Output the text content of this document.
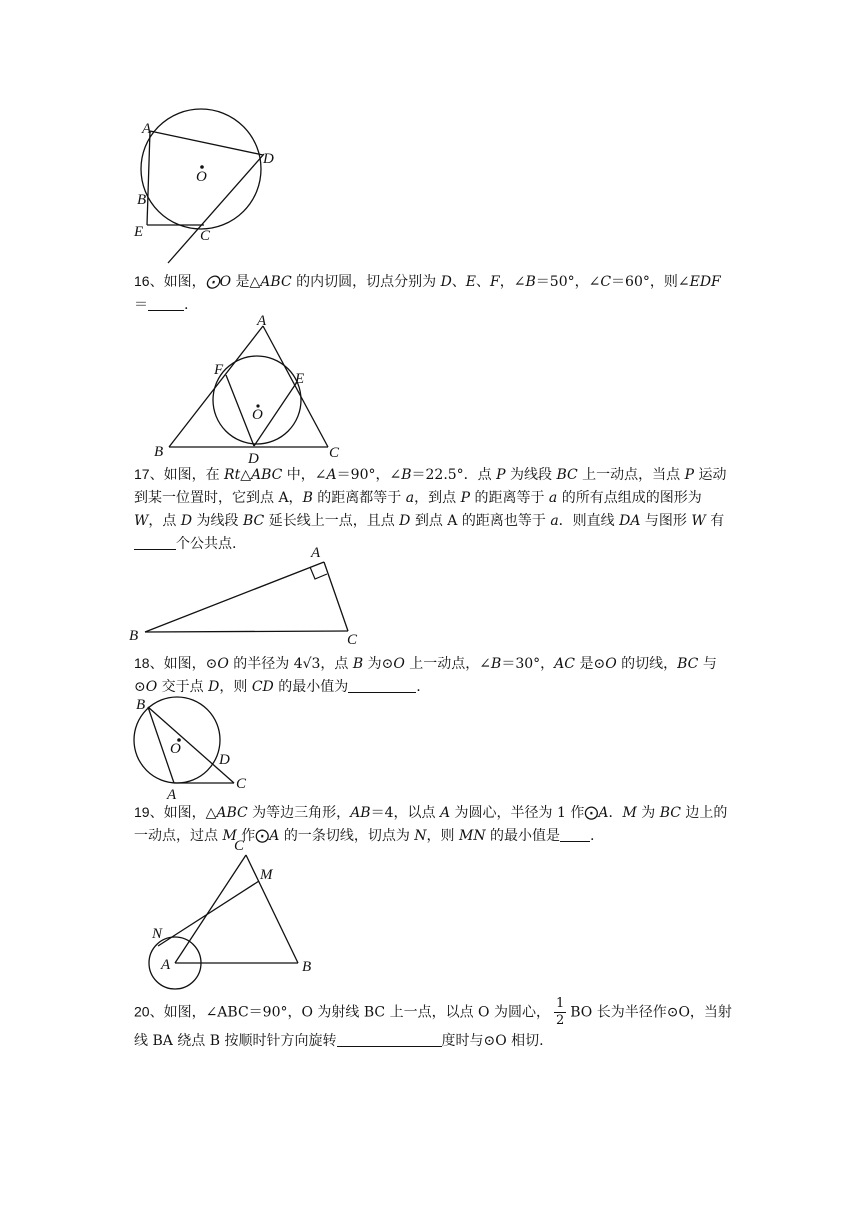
A
D
O
B
E	C
16、如图，⨀O 是△ABC 的内切圆，切点分别为 D、E、F，∠B＝50°，∠C＝60°，则∠EDF
＝	.
A
F
E
O
B	D	C
17、如图，在 Rt△ABC 中，∠A＝90°，∠B＝22.5°．点 P 为线段 BC 上一动点，当点 P 运动到某一位置时，它到点 A，B 的距离都等于 a，到点 P 的距离等于 a 的所有点组成的图形为 W，点 D 为线段 BC 延长线上一点，且点 D 到点 A 的距离也等于 a．则直线 DA 与图形 W 有个公共点.
A
B	C
18、如图，⊙O 的半径为 4√3，点 B 为⊙O 上一动点，∠B＝30°，AC 是⊙O 的切线，BC 与⊙O 交于点 D，则 CD 的最小值为	.
B
O
D
A
C
19、如图，△ABC 为等边三角形，AB＝4，以点 A 为圆心，半径为 1 作⨀A．M 为 BC 边上的一动点，过点 M 作⨀A 的一条切线，切点为 N，则 MN 的最小值是 .
C
M
N
A	B
20、如图，∠ABC＝90°，O 为射线 BC 上一点，以点 O 为圆心， $\frac{1}{2}$ BO 长为半径作⊙O，当射线 BA 绕点 B 按顺时针方向旋转	度时与⊙O 相切.
